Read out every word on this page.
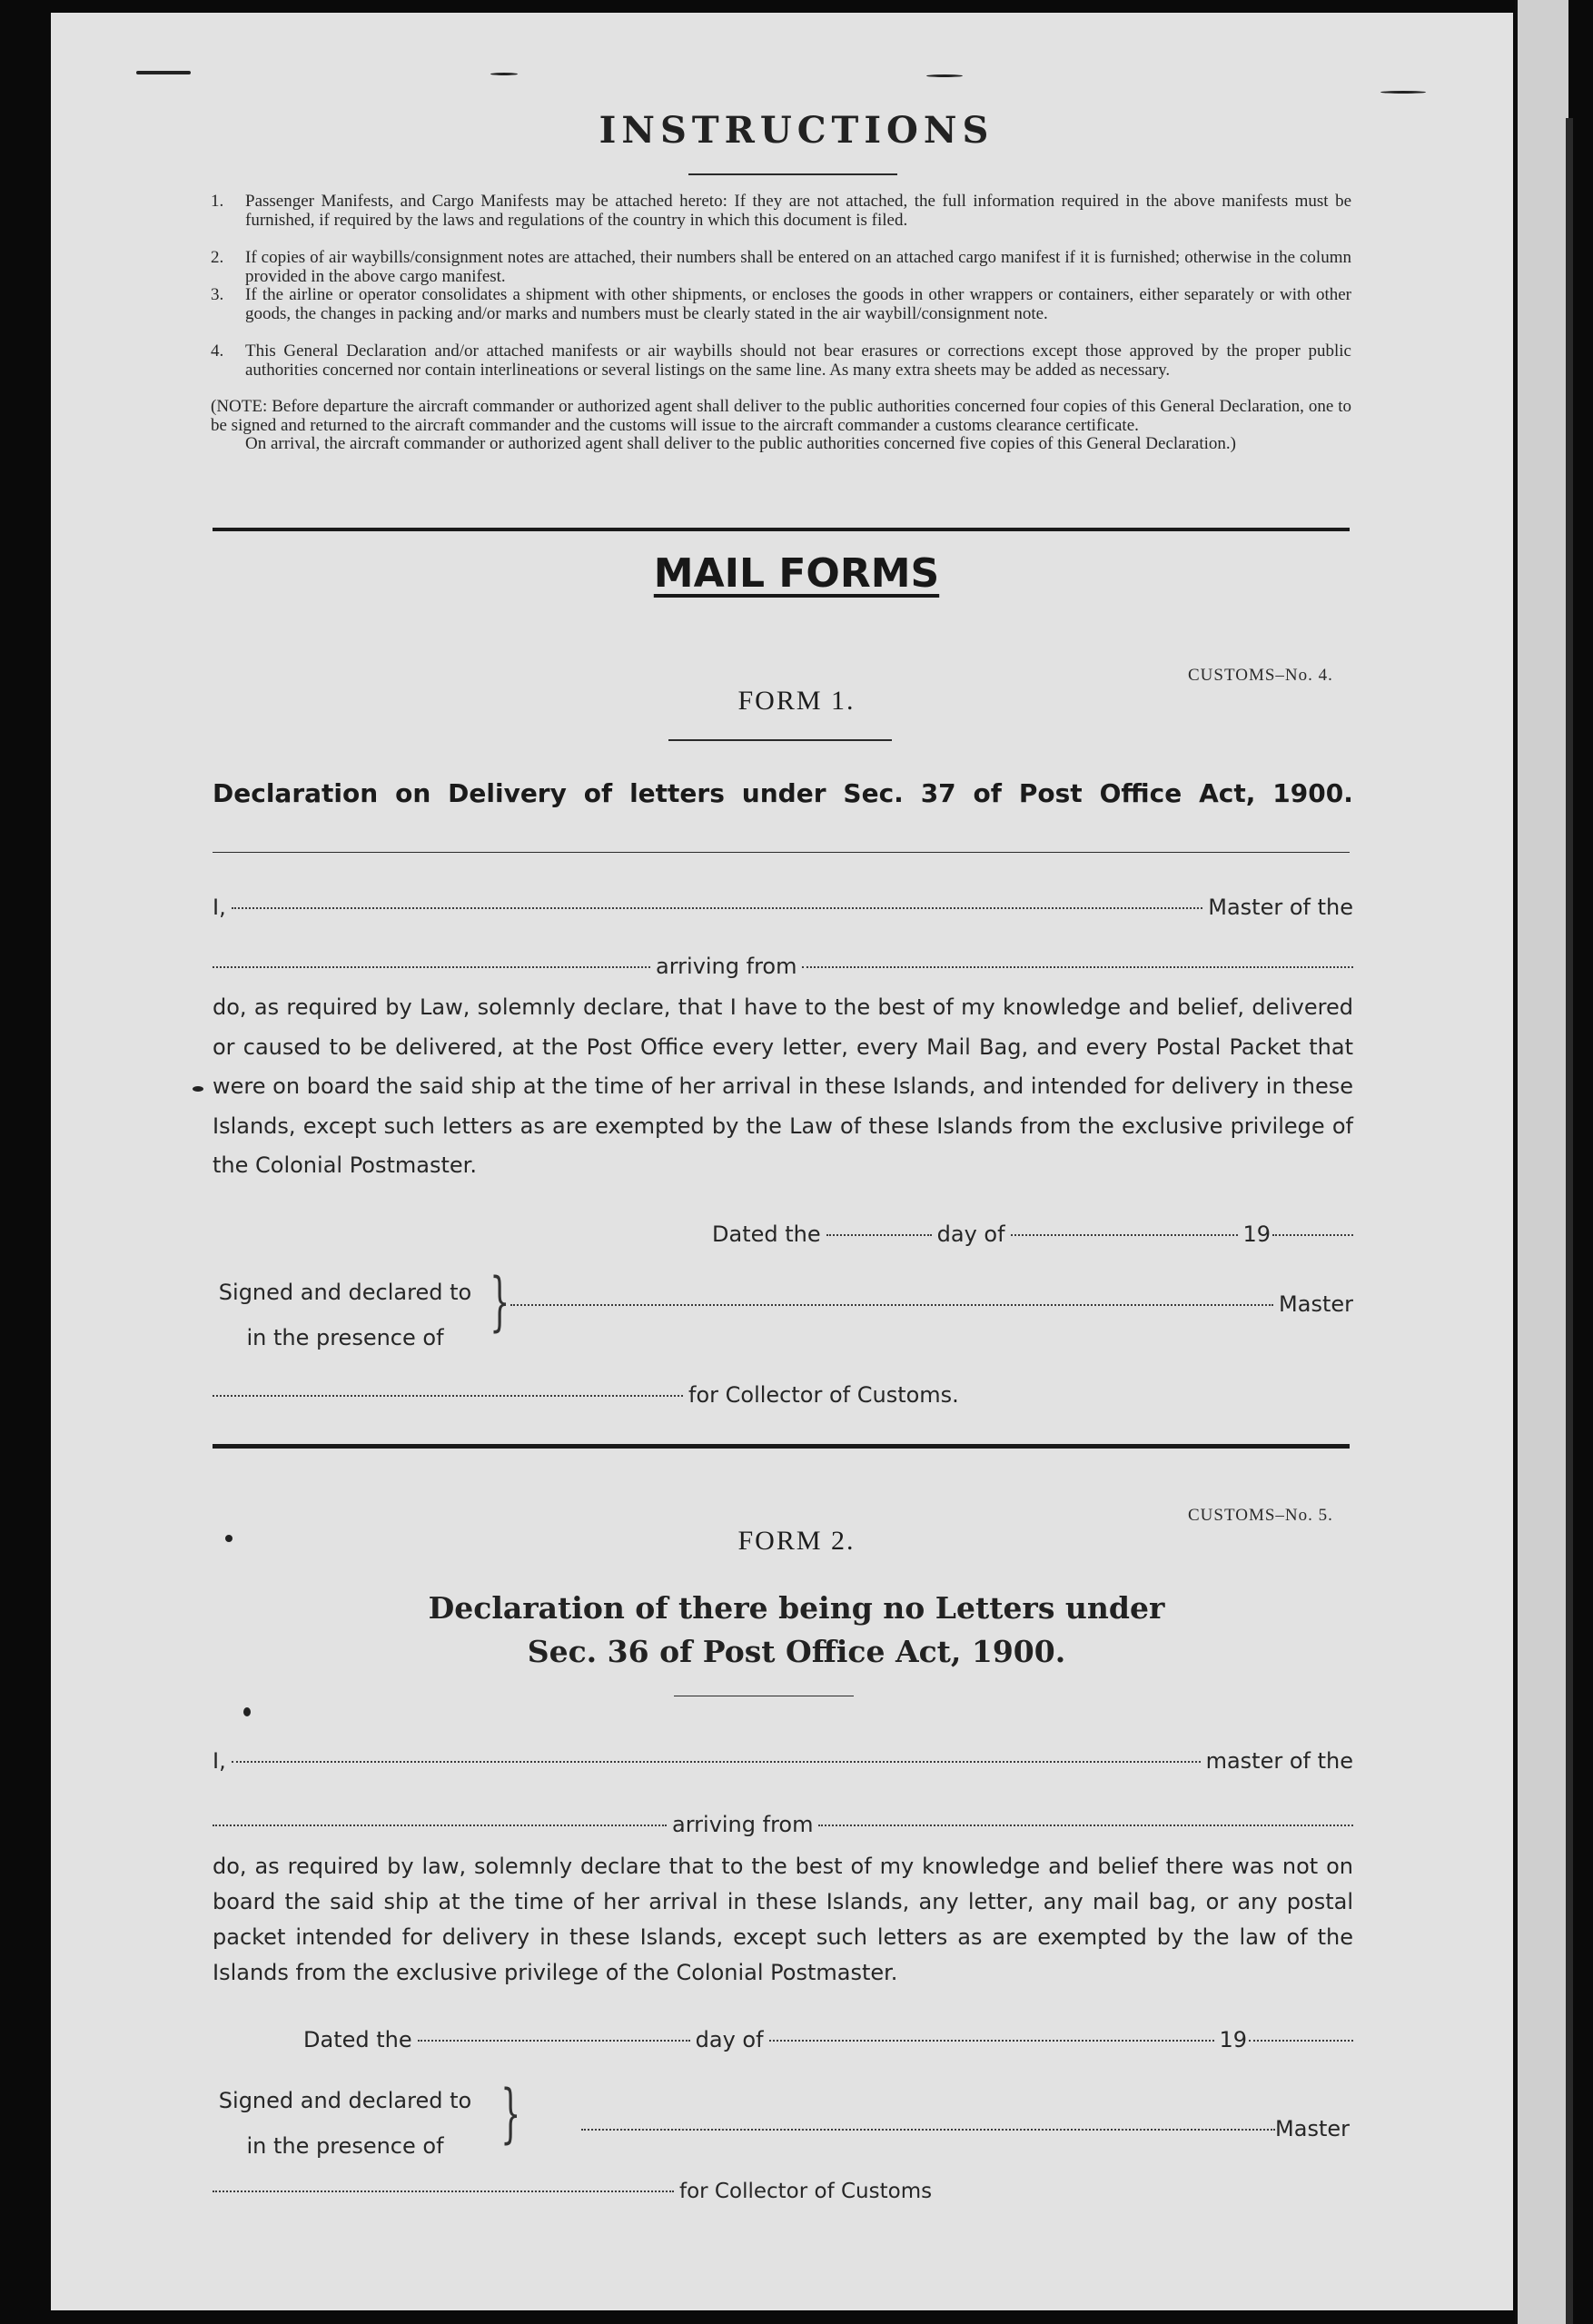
INSTRUCTIONS
1. Passenger Manifests, and Cargo Manifests may be attached hereto: If they are not attached, the full information required in the above manifests must be furnished, if required by the laws and regulations of the country in which this document is filed.
2. If copies of air waybills/consignment notes are attached, their numbers shall be entered on an attached cargo manifest if it is furnished; otherwise in the column provided in the above cargo manifest.
3. If the airline or operator consolidates a shipment with other shipments, or encloses the goods in other wrappers or containers, either separately or with other goods, the changes in packing and/or marks and numbers must be clearly stated in the air waybill/consignment note.
4. This General Declaration and/or attached manifests or air waybills should not bear erasures or corrections except those approved by the proper public authorities concerned nor contain interlineations or several listings on the same line. As many extra sheets may be added as necessary.
(NOTE: Before departure the aircraft commander or authorized agent shall deliver to the public authorities concerned four copies of this General Declaration, one to be signed and returned to the aircraft commander and the customs will issue to the aircraft commander a customs clearance certificate.
On arrival, the aircraft commander or authorized agent shall deliver to the public authorities concerned five copies of this General Declaration.)
MAIL FORMS
CUSTOMS–No. 4.
FORM 1.
Declaration on Delivery of letters under Sec. 37 of Post Office Act, 1900.
I,	Master of the
arriving from
do, as required by Law, solemnly declare, that I have to the best of my knowledge and belief, delivered or caused to be delivered, at the Post Office every letter, every Mail Bag, and every Postal Packet that were on board the said ship at the time of her arrival in these Islands, and intended for delivery in these Islands, except such letters as are exempted by the Law of these Islands from the exclusive privilege of the Colonial Postmaster.
Dated the	day of	19
Signed and declared to
in the presence of }	Master
for Collector of Customs.
CUSTOMS–No. 5.
FORM 2.
Declaration of there being no Letters under
Sec. 36 of Post Office Act, 1900.
I,	master of the
arriving from
do, as required by law, solemnly declare that to the best of my knowledge and belief there was not on board the said ship at the time of her arrival in these Islands, any letter, any mail bag, or any postal packet intended for delivery in these Islands, except such letters as are exempted by the law of the Islands from the exclusive privilege of the Colonial Postmaster.
Dated the	day of	19
Signed and declared to
in the presence of }	Master
for Collector of Customs
